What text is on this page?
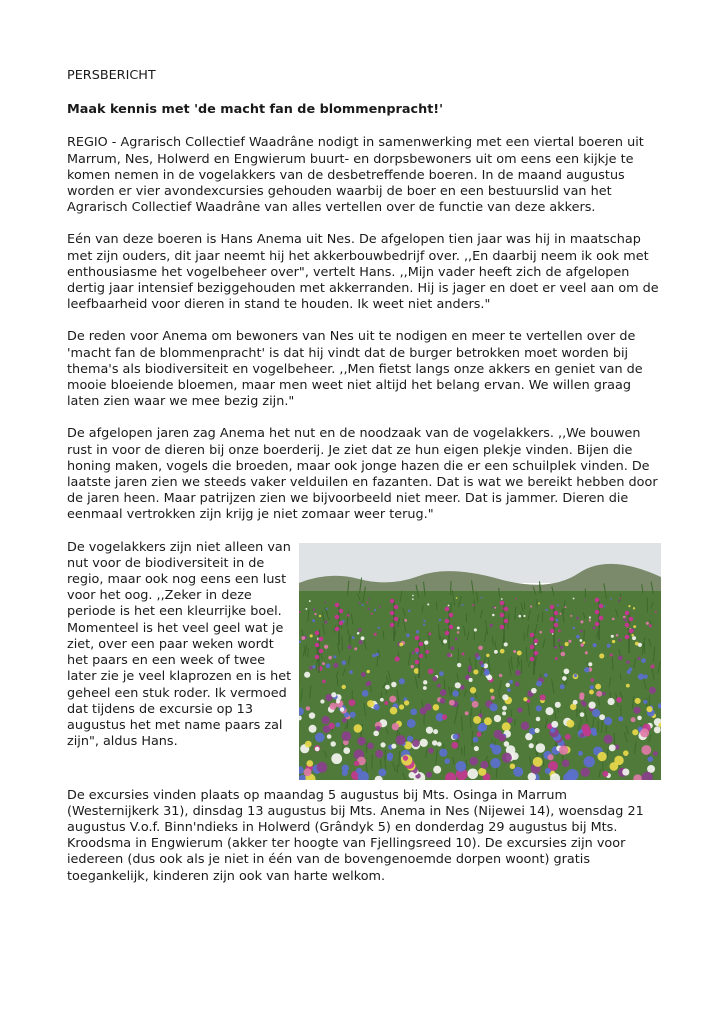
PERSBERICHT
Maak kennis met 'de macht fan de blommenpracht!'

REGIO - Agrarisch Collectief Waadrâne nodigt in samenwerking met een viertal boeren uit Marrum, Nes, Holwerd en Engwierum buurt- en dorpsbewoners uit om eens een kijkje te komen nemen in de vogelakkers van de desbetreffende boeren. In de maand augustus worden er vier avondexcursies gehouden waarbij de boer en een bestuurslid van het Agrarisch Collectief Waadrâne van alles vertellen over de functie van deze akkers.

Eén van deze boeren is Hans Anema uit Nes. De afgelopen tien jaar was hij in maatschap met zijn ouders, dit jaar neemt hij het akkerbouwbedrijf over. ,,En daarbij neem ik ook met enthousiasme het vogelbeheer over", vertelt Hans. ,,Mijn vader heeft zich de afgelopen dertig jaar intensief beziggehouden met akkerranden. Hij is jager en doet er veel aan om de leefbaarheid voor dieren in stand te houden. Ik weet niet anders."

De reden voor Anema om bewoners van Nes uit te nodigen en meer te vertellen over de 'macht fan de blommenpracht' is dat hij vindt dat de burger betrokken moet worden bij thema's als biodiversiteit en vogelbeheer. ,,Men fietst langs onze akkers en geniet van de mooie bloeiende bloemen, maar men weet niet altijd het belang ervan. We willen graag laten zien waar we mee bezig zijn."

De afgelopen jaren zag Anema het nut en de noodzaak van de vogelakkers. ,,We bouwen rust in voor de dieren bij onze boerderij. Je ziet dat ze hun eigen plekje vinden. Bijen die honing maken, vogels die broeden, maar ook jonge hazen die er een schuilplek vinden. De laatste jaren zien we steeds vaker velduilen en fazanten. Dat is wat we bereikt hebben door de jaren heen. Maar patrijzen zien we bijvoorbeeld niet meer. Dat is jammer. Dieren die eenmaal vertrokken zijn krijg je niet zomaar weer terug."

De vogelakkers zijn niet alleen van nut voor de biodiversiteit in de regio, maar ook nog eens een lust voor het oog. ,,Zeker in deze periode is het een kleurrijke boel. Momenteel is het veel geel wat je ziet, over een paar weken wordt het paars en een week of twee later zie je veel klaprozen en is het geheel een stuk roder. Ik vermoed dat tijdens de excursie op 13 augustus het met name paars zal zijn", aldus Hans.

De excursies vinden plaats op maandag 5 augustus bij Mts. Osinga in Marrum (Westernijkerk 31), dinsdag 13 augustus bij Mts. Anema in Nes (Nijewei 14), woensdag 21 augustus V.o.f. Binn'ndieks in Holwerd (Grândyk 5) en donderdag 29 augustus bij Mts. Kroodsma in Engwierum (akker ter hoogte van Fjellingsreed 10). De excursies zijn voor iedereen (dus ook als je niet in één van de bovengenoemde dorpen woont) gratis toegankelijk, kinderen zijn ook van harte welkom.
